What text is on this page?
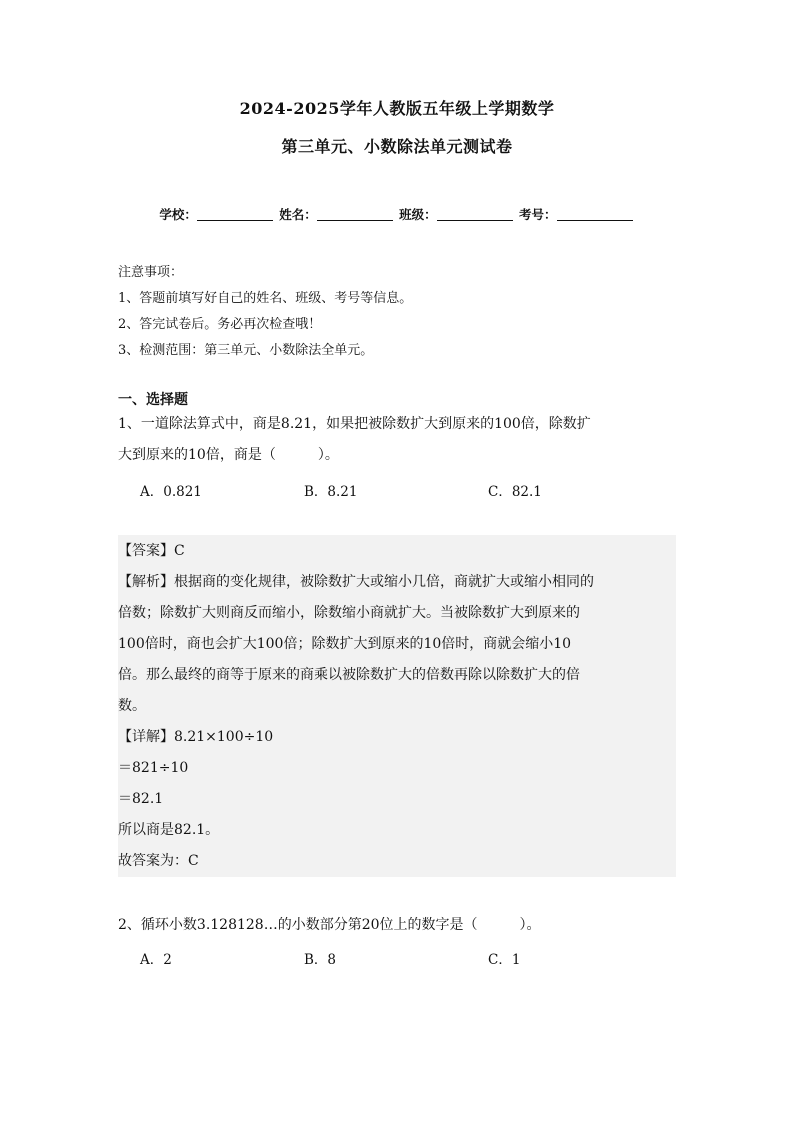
2024-2025学年人教版五年级上学期数学
第三单元、小数除法单元测试卷
学校：	姓名：	班级：	考号：
注意事项：
1、答题前填写好自己的姓名、班级、考号等信息。
2、答完试卷后。务必再次检查哦！
3、检测范围：第三单元、小数除法全单元。
一、选择题
1、一道除法算式中，商是8.21，如果把被除数扩大到原来的100倍，除数扩
大到原来的10倍，商是（　　　）。
A．0.821	B．8.21	C．82.1
【答案】C
【解析】根据商的变化规律，被除数扩大或缩小几倍，商就扩大或缩小相同的
倍数；除数扩大则商反而缩小，除数缩小商就扩大。当被除数扩大到原来的
100倍时，商也会扩大100倍；除数扩大到原来的10倍时，商就会缩小10
倍。那么最终的商等于原来的商乘以被除数扩大的倍数再除以除数扩大的倍
数。
【详解】8.21×100÷10
＝821÷10
＝82.1
所以商是82.1。
故答案为：C
2、循环小数3.128128…的小数部分第20位上的数字是（　　　）。
A．2	B．8	C．1
